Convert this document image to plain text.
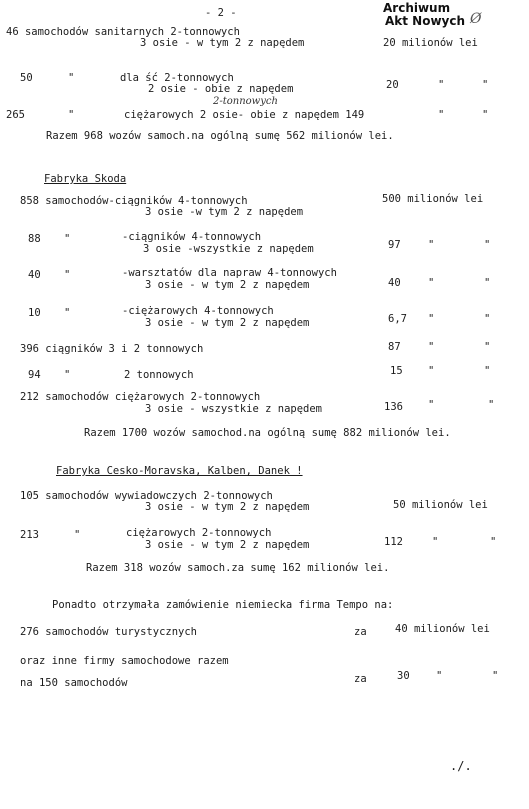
- 2 -	Archiwum
Akt Nowych Ø
46 samochodów sanitarnych 2-tonnowych
3 osie - w tym 2 z napędem	20 milionów lei
50	"	dla ść 2-tonnowych
2 osie - obie z napędem	20	"	"
2-tonnowych
265	"	ciężarowych 2 osie- obie z napędem 149	"	"
Razem 968 wozów samoch.na ogólną sumę 562 milionów lei.
Fabryka Skoda
858 samochodów-ciągników 4-tonnowych	500 milionów lei
3 osie -w tym 2 z napędem
88 "	-ciągników 4-tonnowych
3 osie -wszystkie z napędem	97	"	"
40 "	-warsztatów dla napraw 4-tonnowych
3 osie - w tym 2 z napędem	40	"	"
10 "	-ciężarowych 4-tonnowych
3 osie - w tym 2 z napędem	6,7 "	"
396 ciągników 3 i 2 tonnowych	87	"	"
94 "	2 tonnowych	15 "	"
212 samochodów ciężarowych 2-tonnowych
3 osie - wszystkie z napędem	136 "	"
Razem 1700 wozów samochod.na ogólną sumę 882 milionów lei.
Fabryka Cesko-Moravska, Kalben, Danek !
105 samochodów wywiadowczych 2-tonnowych
3 osie - w tym 2 z napędem	50 milionów lei
213	"	ciężarowych 2-tonnowych
3 osie - w tym 2 z napędem	112	"	"
Razem 318 wozów samoch.za sumę 162 milionów lei.
Ponadto otrzymała zamówienie niemiecka firma Tempo na:
276 samochodów turystycznych	za	40 milionów lei
oraz inne firmy samochodowe razem
na 150 samochodów	za	30	"	"
./.
